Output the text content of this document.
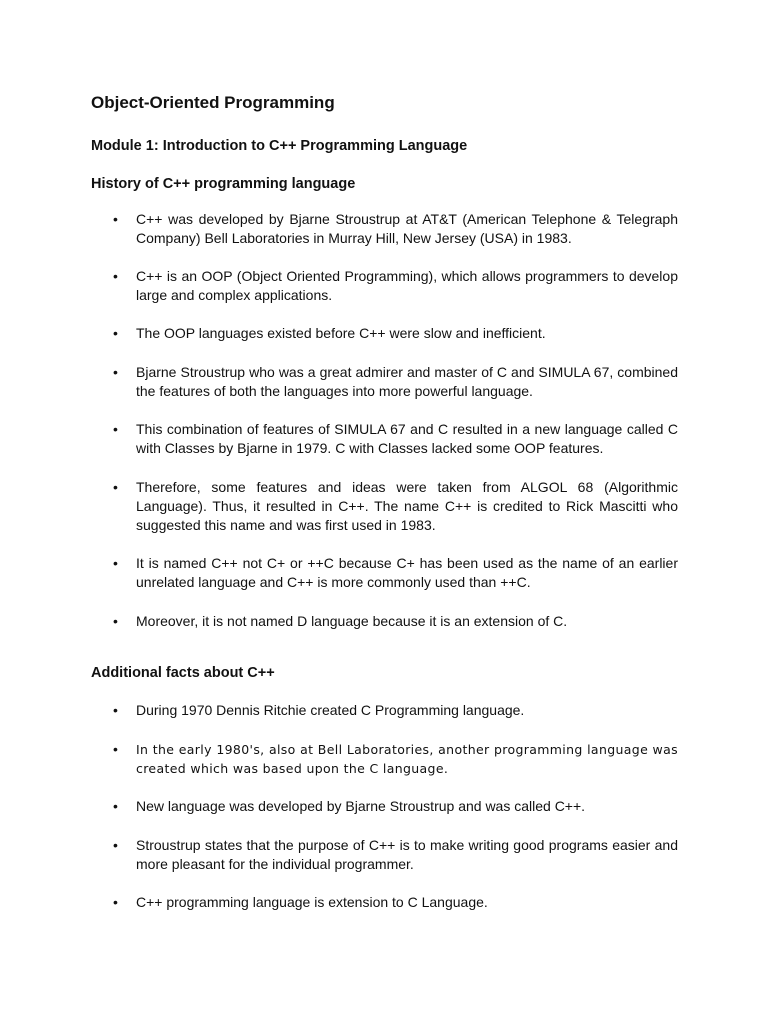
Object-Oriented Programming
Module 1: Introduction to C++ Programming Language
History of C++ programming language
• C++ was developed by Bjarne Stroustrup at AT&T (American Telephone & Telegraph Company) Bell Laboratories in Murray Hill, New Jersey (USA) in 1983.

• C++ is an OOP (Object Oriented Programming), which allows programmers to develop large and complex applications.

• The OOP languages existed before C++ were slow and inefficient.

• Bjarne Stroustrup who was a great admirer and master of C and SIMULA 67, combined the features of both the languages into more powerful language.

• This combination of features of SIMULA 67 and C resulted in a new language called C with Classes by Bjarne in 1979. C with Classes lacked some OOP features.

• Therefore, some features and ideas were taken from ALGOL 68 (Algorithmic Language). Thus, it resulted in C++. The name C++ is credited to Rick Mascitti who suggested this name and was first used in 1983.

• It is named C++ not C+ or ++C because C+ has been used as the name of an earlier unrelated language and C++ is more commonly used than ++C.

• Moreover, it is not named D language because it is an extension of C.

Additional facts about C++
• During 1970 Dennis Ritchie created C Programming language.

• In the early 1980's, also at Bell Laboratories, another programming language was created which was based upon the C language.

• New language was developed by Bjarne Stroustrup and was called C++.

• Stroustrup states that the purpose of C++ is to make writing good programs easier and more pleasant for the individual programmer.

• C++ programming language is extension to C Language.
